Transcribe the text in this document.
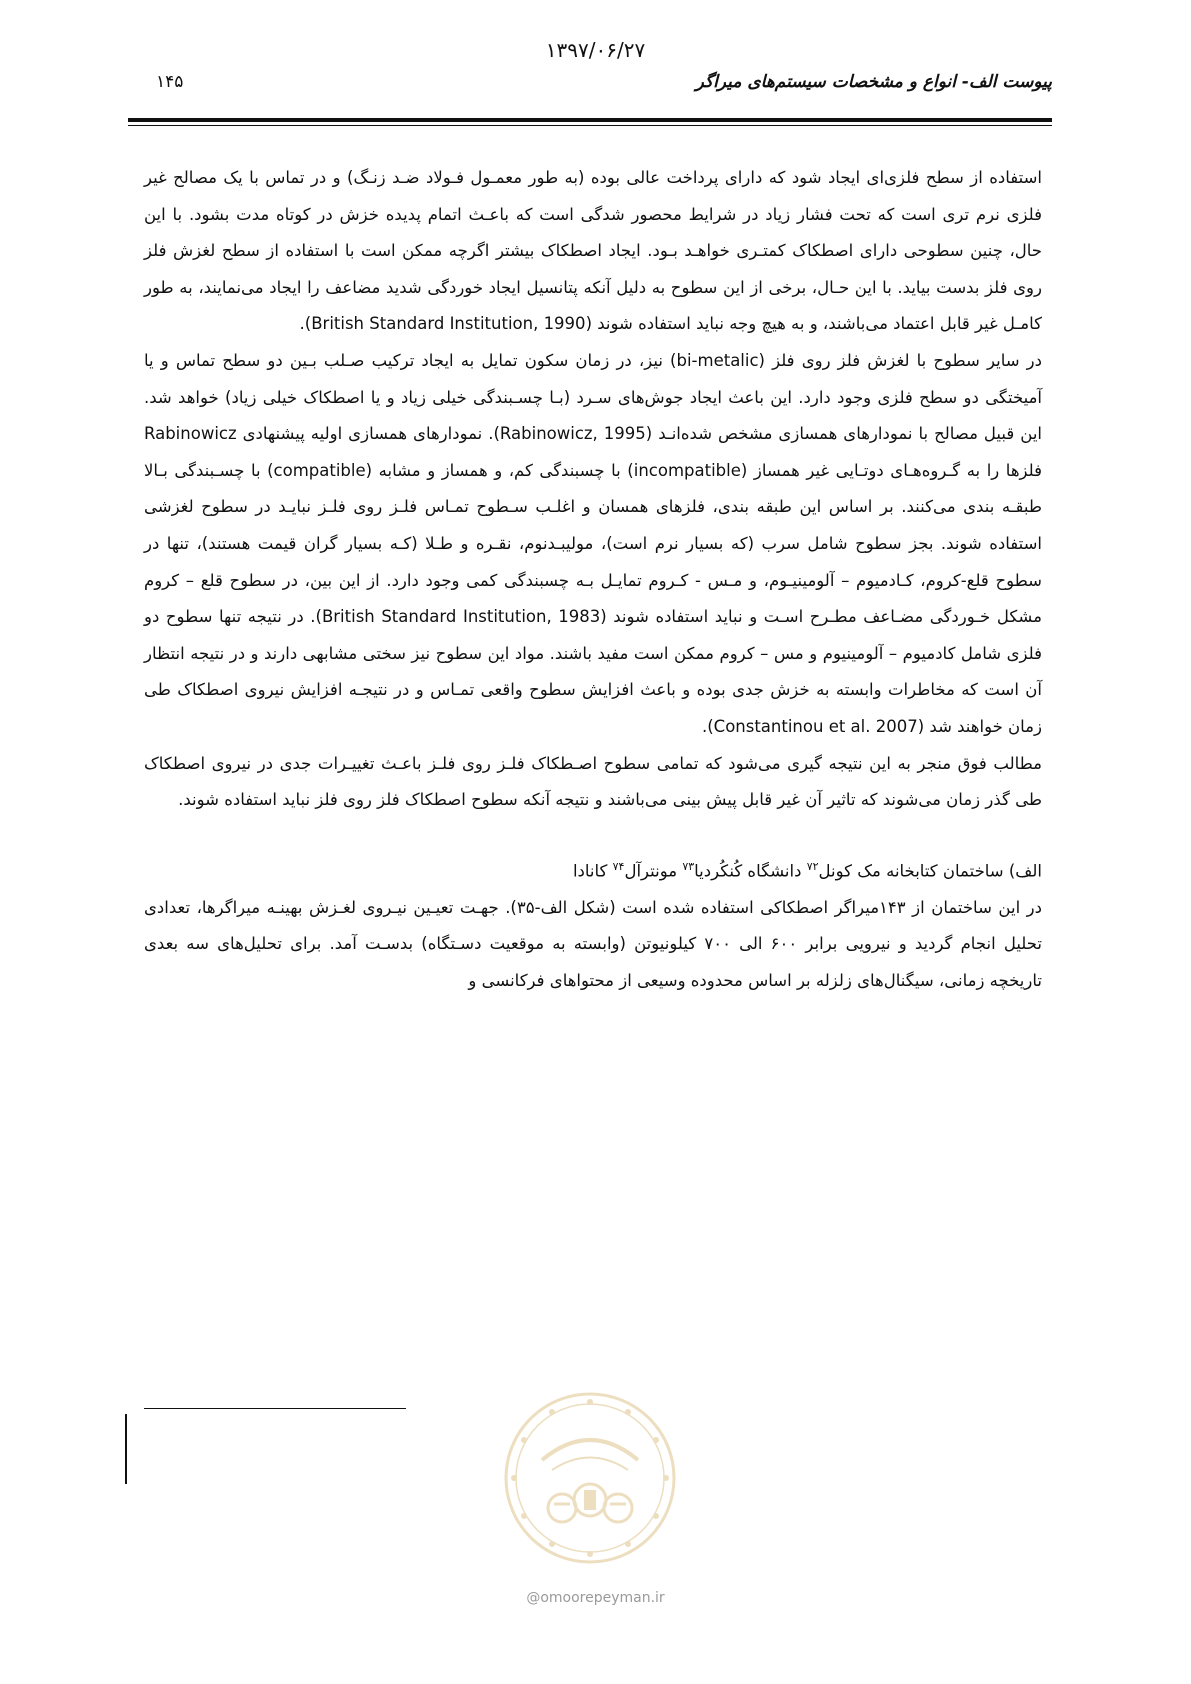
۱۳۹۷/۰۶/۲۷
۱۴۵	پیوست الف- انواع و مشخصات سیستم‌های میراگر

استفاده از سطح فلزی‌ای ایجاد شود که دارای پرداخت عالی بوده (به طور معمـول فـولاد ضـد زنـگ) و در تماس با یک مصالح غیر فلزی نرم تری است که تحت فشار زیاد در شرایط محصور شدگی است که باعـث اتمام پدیده خزش در کوتاه مدت بشود. با این حال، چنین سطوحی دارای اصطکاک کمتـری خواهـد بـود. ایجاد اصطکاک بیشتر اگرچه ممکن است با استفاده از سطح لغزش فلز روی فلز بدست بیاید. با این حـال، برخی از این سطوح به دلیل آنکه پتانسیل ایجاد خوردگی شدید مضاعف را ایجاد می‌نمایند، به طور کامـل غیر قابل اعتماد می‌باشند، و به هیچ وجه نباید استفاده شوند (British Standard Institution, 1990).

در سایر سطوح با لغزش فلز روی فلز (bi-metalic) نیز، در زمان سکون تمایل به ایجاد ترکیب صـلب بـین دو سطح تماس و یا آمیختگی دو سطح فلزی وجود دارد. این باعث ایجاد جوش‌های سـرد (بـا چسـبندگی خیلی زیاد و یا اصطکاک خیلی زیاد) خواهد شد. این قبیل مصالح با نمودارهای همسازی مشخص شده‌انـد (Rabinowicz, 1995). نمودارهای همسازی اولیه پیشنهادی Rabinowicz فلزها را به گـروه‌هـای دوتـایی غیر همساز (incompatible) با چسبندگی کم، و همساز و مشابه (compatible) با چسـبندگی بـالا طبقـه بندی می‌کنند. بر اساس این طبقه بندی، فلزهای همسان و اغلـب سـطوح تمـاس فلـز روی فلـز نبایـد در سطوح لغزشی استفاده شوند. بجز سطوح شامل سرب (که بسیار نرم است)، مولیبـدنوم، نقـره و طـلا (کـه بسیار گران قیمت هستند)، تنها در سطوح قلع-کروم، کـادمیوم – آلومینیـوم، و مـس - کـروم تمایـل بـه چسبندگی کمی وجود دارد. از این بین، در سطوح قلع – کروم مشکل خـوردگی مضـاعف مطـرح اسـت و نباید استفاده شوند (British Standard Institution, 1983). در نتیجه تنها سطوح دو فلزی شامل کادمیوم – آلومینیوم و مس – کروم ممکن است مفید باشند. مواد این سطوح نیز سختی مشابهی دارند و در نتیجه انتظار آن است که مخاطرات وابسته به خزش جدی بوده و باعث افزایش سطوح واقعی تمـاس و در نتیجـه افزایش نیروی اصطکاک طی زمان خواهند شد (Constantinou et al. 2007).

مطالب فوق منجر به این نتیجه گیری می‌شود که تمامی سطوح اصـطکاک فلـز روی فلـز باعـث تغییـرات جدی در نیروی اصطکاک طی گذر زمان می‌شوند که تاثیر آن غیر قابل پیش بینی می‌باشند و نتیجه آنکه سطوح اصطکاک فلز روی فلز نباید استفاده شوند.

الف) ساختمان کتابخانه مک کونل$^{۷۲}$ دانشگاه کُنکُردیا$^{۷۳}$ مونترآل$^{۷۴}$ کانادا

در این ساختمان از ۱۴۳میراگر اصطکاکی استفاده شده است (شکل الف-۳۵). جهـت تعیـین نیـروی لغـزش بهینـه میراگرها، تعدادی تحلیل انجام گردید و نیرویی برابر ۶۰۰ الی ۷۰۰ کیلونیوتن (وابسته به موقعیت دسـتگاه) بدسـت آمد. برای تحلیل‌های سه بعدی تاریخچه زمانی، سیگنال‌های زلزله بر اساس محدوده وسیعی از محتواهای فرکانسی و

@omoorepeyman.ir
